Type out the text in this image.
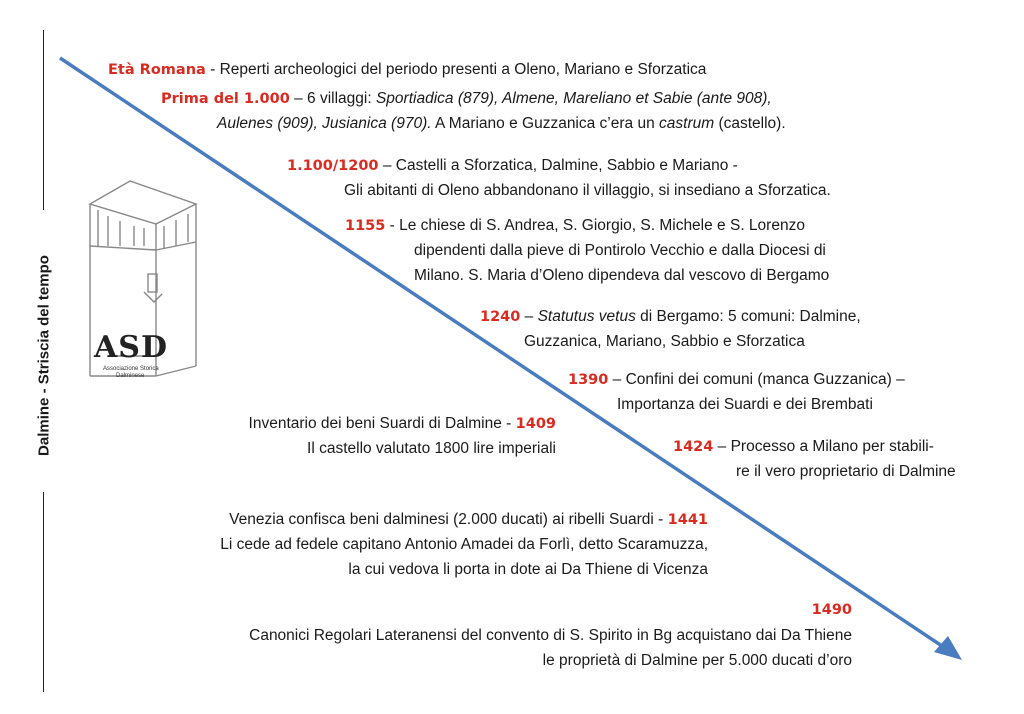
Dalmine - Striscia del tempo ASD
Associazione Storica
Dalminese
Età Romana - Reperti archeologici del periodo presenti a Oleno, Mariano e Sforzatica
Prima del 1.000 – 6 villaggi: Sportiadica (879), Almene, Mareliano et Sabie (ante 908),
Aulenes (909), Jusianica (970). A Mariano e Guzzanica c’era un castrum (castello).
1.100/1200 – Castelli a Sforzatica, Dalmine, Sabbio e Mariano -
Gli abitanti di Oleno abbandonano il villaggio, si insediano a Sforzatica.
1155 - Le chiese di S. Andrea, S. Giorgio, S. Michele e S. Lorenzo
dipendenti dalla pieve di Pontirolo Vecchio e dalla Diocesi di
Milano. S. Maria d’Oleno dipendeva dal vescovo di Bergamo
1240 – Statutus vetus di Bergamo: 5 comuni: Dalmine,
Guzzanica, Mariano, Sabbio e Sforzatica
1390 – Confini dei comuni (manca Guzzanica) –
Importanza dei Suardi e dei Brembati
Inventario dei beni Suardi di Dalmine - 1409
Il castello valutato 1800 lire imperiali	1424 – Processo a Milano per stabili-
re il vero proprietario di Dalmine
Venezia confisca beni dalminesi (2.000 ducati) ai ribelli Suardi - 1441
Li cede ad fedele capitano Antonio Amadei da Forlì, detto Scaramuzza,
la cui vedova li porta in dote ai Da Thiene di Vicenza
1490
Canonici Regolari Lateranensi del convento di S. Spirito in Bg acquistano dai Da Thiene
le proprietà di Dalmine per 5.000 ducati d’oro
